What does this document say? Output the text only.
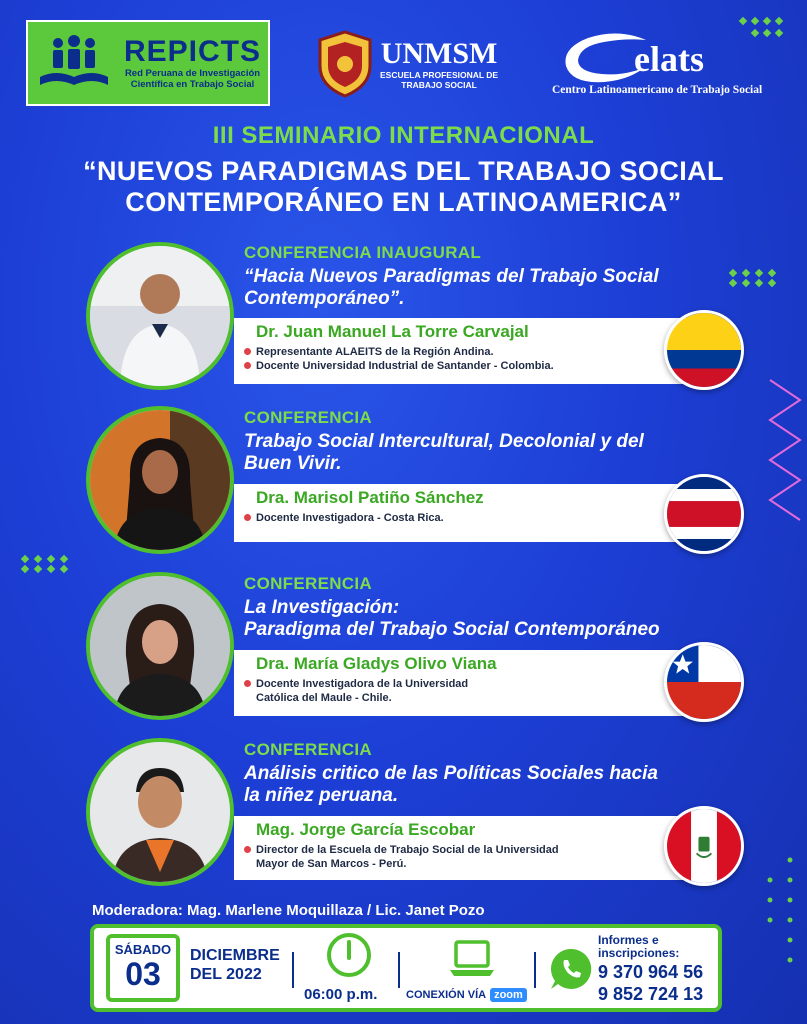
REPICTS
Red Peruana de Investigación
Científica en Trabajo Social
UNMSM
ESCUELA PROFESIONAL DE
TRABAJO SOCIAL
elats
Centro Latinoamericano de Trabajo Social
III SEMINARIO INTERNACIONAL
“NUEVOS PARADIGMAS DEL TRABAJO SOCIAL
CONTEMPORÁNEO EN LATINOAMERICA”
CONFERENCIA INAUGURAL
“Hacia Nuevos Paradigmas del Trabajo Social
Contemporáneo”.
Dr. Juan Manuel La Torre Carvajal
Representante ALAEITS de la Región Andina.
Docente Universidad Industrial de Santander - Colombia.
CONFERENCIA
Trabajo Social Intercultural, Decolonial y del
Buen Vivir.
Dra. Marisol Patiño Sánchez
Docente Investigadora - Costa Rica.
CONFERENCIA
La Investigación:
Paradigma del Trabajo Social Contemporáneo
Dra. María Gladys Olivo Viana
Docente Investigadora de la Universidad
Católica del Maule - Chile.
CONFERENCIA
Análisis critico de las Políticas Sociales hacia
la niñez peruana.
Mag. Jorge García Escobar
Director de la Escuela de Trabajo Social de la Universidad
Mayor de San Marcos - Perú.
Moderadora: Mag. Marlene Moquillaza / Lic. Janet Pozo
SÁBADO
03
DICIEMBRE
DEL 2022
06:00 p.m.	CONEXIÓN VÍA zoom
Informes e
inscripciones:
9 370 964 56
9 852 724 13
